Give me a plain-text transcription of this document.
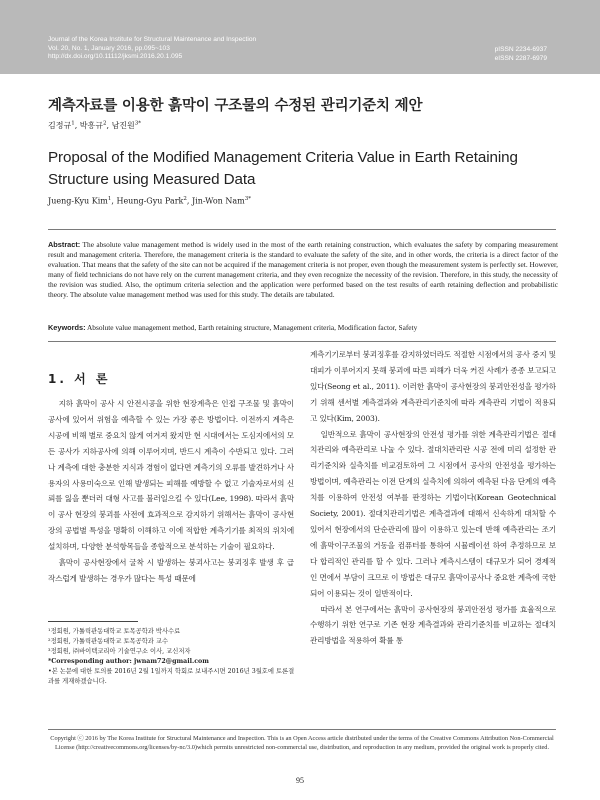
Journal of the Korea Institute for Structural Maintenance and Inspection
Vol. 20, No. 1, January 2016, pp.095~103
http://dx.doi.org/10.11112/jksmi.2016.20.1.095
pISSN 2234-6937
eISSN 2287-6979
계측자료를 이용한 흙막이 구조물의 수정된 관리기준치 제안
김정규$^1$, 박흥규$^2$, 남진원$^{3*}$
Proposal of the Modified Management Criteria Value in Earth Retaining Structure using Measured Data
Jueng-Kyu Kim$^1$, Heung-Gyu Park$^2$, Jin-Won Nam$^{3*}$
Abstract: The absolute value management method is widely used in the most of the earth retaining construction, which evaluates the safety by comparing measurement result and management criteria. Therefore, the management criteria is the standard to evaluate the safety of the site, and in other words, the criteria is a direct factor of the evaluation. That means that the safety of the site can not be acquired if the management criteria is not proper, even though the measurement system is perfectly set. However, many of field technicians do not have rely on the current management criteria, and they even recognize the necessity of the revision. Therefore, in this study, the necessity of the revision was studied. Also, the optimum criteria selection and the application were performed based on the test results of earth retaining deflection and probabilistic theory. The absolute value management method was used for this study. The details are tabulated.
Keywords: Absolute value management method, Earth retaining structure, Management criteria, Modification factor, Safety
1. 서 론

지하 흙막이 공사 시 안전시공을 위한 현장계측은 인접 구조물 및 흙막이 공사에 있어서 위험을 예측할 수 있는 가장 좋은 방법이다. 이전까지 계측은 시공에 비해 별로 중요치 않게 여겨져 왔지만 현 시대에서는 도심지에서의 모든 공사가 지하공사에 의해 이루어지며, 반드시 계측이 수반되고 있다. 그러나 계측에 대한 충분한 지식과 경험이 없다면 계측기의 오류를 발견하거나 사용자의 사용미숙으로 인해 발생되는 피해를 예방할 수 없고 기술자로서의 신뢰를 잃을 뿐더러 대형 사고를 불러일으킬 수 있다(Lee, 1998). 따라서 흙막이 공사 현장의 붕괴를 사전에 효과적으로 감지하기 위해서는 흙막이 공사현장의 공법별 특성을 명확히 이해하고 이에 적합한 계측기기를 최적의 위치에 설치하며, 다양한 분석항목들을 종합적으로 분석하는 기술이 필요하다.

흙막이 공사현장에서 굴착 시 발생하는 붕괴사고는 붕괴징후 발생 후 급작스럽게 발생하는 경우가 많다는 특성 때문에

계측기기로부터 붕괴징후를 감지하였더라도 적절한 시점에서의 공사 중지 및 대피가 이루어지지 못해 붕괴에 따른 피해가 더욱 커진 사례가 종종 보고되고 있다(Seong et al., 2011). 이러한 흙막이 공사현장의 붕괴안전성을 평가하기 위해 센서별 계측결과와 계측관리기준치에 따라 계측관리 기법이 적용되고 있다(Kim, 2003).

일반적으로 흙막이 공사현장의 안전성 평가를 위한 계측관리기법은 절대치관리와 예측관리로 나눌 수 있다. 절대치관리란 시공 전에 미리 설정한 관리기준치와 실측치를 비교검토하여 그 시점에서 공사의 안전성을 평가하는 방법이며, 예측관리는 이전 단계의 실측치에 의하여 예측된 다음 단계의 예측치를 이용하여 안전성 여부를 판정하는 기법이다(Korean Geotechnical Society, 2001). 절대치관리기법은 계측결과에 대해서 신속하게 대처할 수 있어서 현장에서의 단순관리에 많이 이용하고 있는데 반해 예측관리는 조기에 흙막이구조물의 거동을 컴퓨터를 통하여 시뮬레이션 하여 추정하므로 보다 합리적인 관리를 할 수 있다. 그러나 계측시스템이 대규모가 되어 경제적인 면에서 부담이 크므로 이 방법은 대규모 흙막이공사나 중요한 계측에 국한되어 이용되는 것이 일반적이다.

따라서 본 연구에서는 흙막이 공사현장의 붕괴안전성 평가를 효율적으로 수행하기 위한 연구로 기존 현장 계측결과와 관리기준치를 비교하는 절대치관리방법을 적용하여 확률 통

¹정회원, 가톨릭관동대학교 토목공학과 박사수료
²정회원, 가톨릭관동대학교 토목공학과 교수
³정회원, ㈜바이텍코리아 기술연구소 이사, 교신저자
*Corresponding author: jwnam72@gmail.com
•본 논문에 대한 토의를 2016년 2월 1일까지 학회로 보내주시면 2016년 3월호에 토론결과를 게재하겠습니다.
Copyright ⓒ 2016 by The Korea Institute for Structural Maintenance and Inspection. This is an Open Access article distributed under the terms of the Creative Commons Attribution Non-Commercial License (http://creativecommons.org/licenses/by-nc/3.0)which permits unrestricted non-commercial use, distribution, and reproduction in any medium, provided the original work is properly cited.
95
